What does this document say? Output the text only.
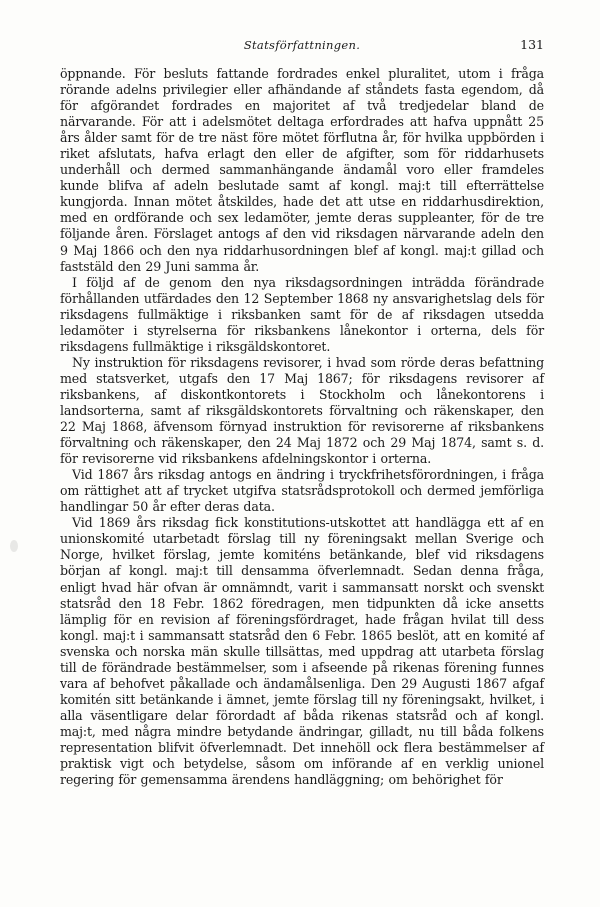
Statsförfattningen.	131

öppnande. För besluts fattande fordrades enkel pluralitet, utom i fråga rörande adelns privilegier eller afhändande af ståndets fasta egendom, då för afgörandet fordrades en majoritet af två tredjedelar bland de närvarande. För att i adelsmötet deltaga erfordrades att hafva uppnått 25 års ålder samt för de tre näst före mötet förflutna år, för hvilka uppbörden i riket afslutats, hafva erlagt den eller de afgifter, som för riddarhusets underhåll och dermed sammanhängande ändamål voro eller framdeles kunde blifva af adeln beslutade samt af kongl. maj:t till efterrättelse kungjorda. Innan mötet åtskildes, hade det att utse en riddarhusdirektion, med en ordförande och sex ledamöter, jemte deras suppleanter, för de tre följande åren. Förslaget antogs af den vid riksdagen närvarande adeln den 9 Maj 1866 och den nya riddarhusordningen blef af kongl. maj:t gillad och faststäld den 29 Juni samma år.

I följd af de genom den nya riksdagsordningen inträdda förändrade förhållanden utfärdades den 12 September 1868 ny ansvarighetslag dels för riksdagens fullmäktige i riksbanken samt för de af riksdagen utsedda ledamöter i styrelserna för riksbankens lånekontor i orterna, dels för riksdagens fullmäktige i riksgäldskontoret.

Ny instruktion för riksdagens revisorer, i hvad som rörde deras befattning med statsverket, utgafs den 17 Maj 1867; för riksdagens revisorer af riksbankens, af diskontkontorets i Stockholm och lånekontorens i landsorterna, samt af riksgäldskontorets förvaltning och räkenskaper, den 22 Maj 1868, äfvensom förnyad instruktion för revisorerne af riksbankens förvaltning och räkenskaper, den 24 Maj 1872 och 29 Maj 1874, samt s. d. för revisorerne vid riksbankens afdelningskontor i orterna.

Vid 1867 års riksdag antogs en ändring i tryckfrihetsförordningen, i fråga om rättighet att af trycket utgifva statsrådsprotokoll och dermed jemförliga handlingar 50 år efter deras data.

Vid 1869 års riksdag fick konstitutions-utskottet att handlägga ett af en unionskomité utarbetadt förslag till ny föreningsakt mellan Sverige och Norge, hvilket förslag, jemte komiténs betänkande, blef vid riksdagens början af kongl. maj:t till densamma öfverlemnadt. Sedan denna fråga, enligt hvad här ofvan är omnämndt, varit i sammansatt norskt och svenskt statsråd den 18 Febr. 1862 föredragen, men tidpunkten då icke ansetts lämplig för en revision af föreningsfördraget, hade frågan hvilat till dess kongl. maj:t i sammansatt statsråd den 6 Febr. 1865 beslöt, att en komité af svenska och norska män skulle tillsättas, med uppdrag att utarbeta förslag till de förändrade bestämmelser, som i afseende på rikenas förening funnes vara af behofvet påkallade och ändamålsenliga. Den 29 Augusti 1867 afgaf komitén sitt betänkande i ämnet, jemte förslag till ny föreningsakt, hvilket, i alla väsentligare delar förordadt af båda rikenas statsråd och af kongl. maj:t, med några mindre betydande ändringar, gilladt, nu till båda folkens representation blifvit öfverlemnadt. Det innehöll ock flera bestämmelser af praktisk vigt och betydelse, såsom om införande af en verklig unionel regering för gemensamma ärendens handläggning; om behörighet för
